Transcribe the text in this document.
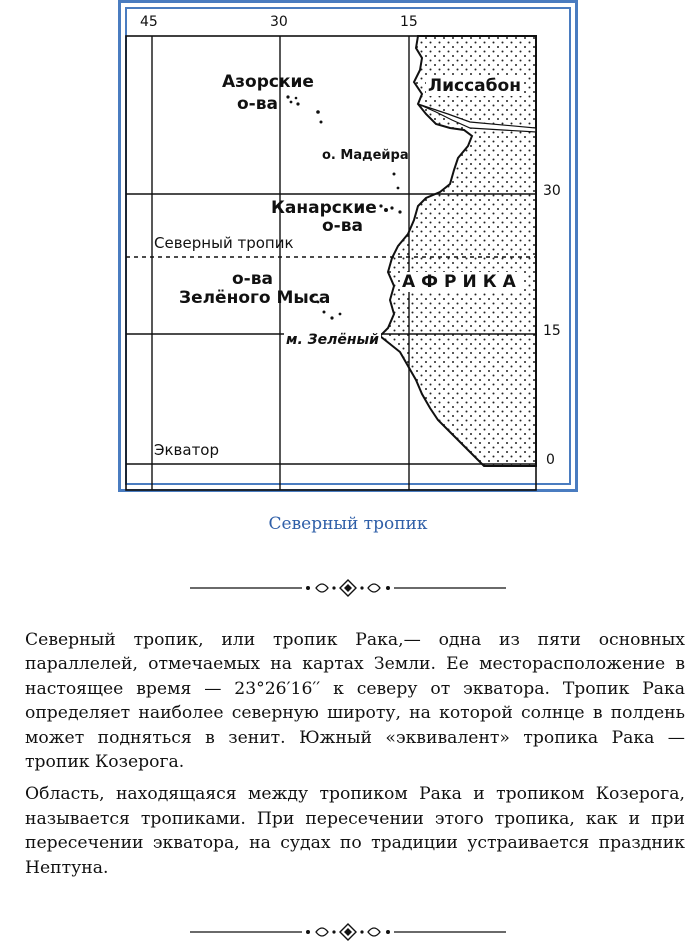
45	30	15
30
15
0
Азорские
о-ва
Лиссабон
о. Мадейра
Канарские
о-ва
Северный тропик
о-ва
Зелёного Мыса
АФРИКА
м. Зелёный
Экватор
Северный тропик

Северный тропик, или тропик Рака,— одна из пяти основных параллелей, отмечаемых на картах Земли. Ее месторасположение в настоящее время — 23°26′16′′ к северу от экватора. Тропик Рака определяет наиболее северную широту, на которой солнце в полдень может подняться в зенит. Южный «эквивалент» тропика Рака — тропик Козерога.

Область, находящаяся между тропиком Рака и тропиком Козерога, называется тропиками. При пересечении этого тропика, как и при пересечении экватора, на судах по традиции устраивается праздник Нептуна.
